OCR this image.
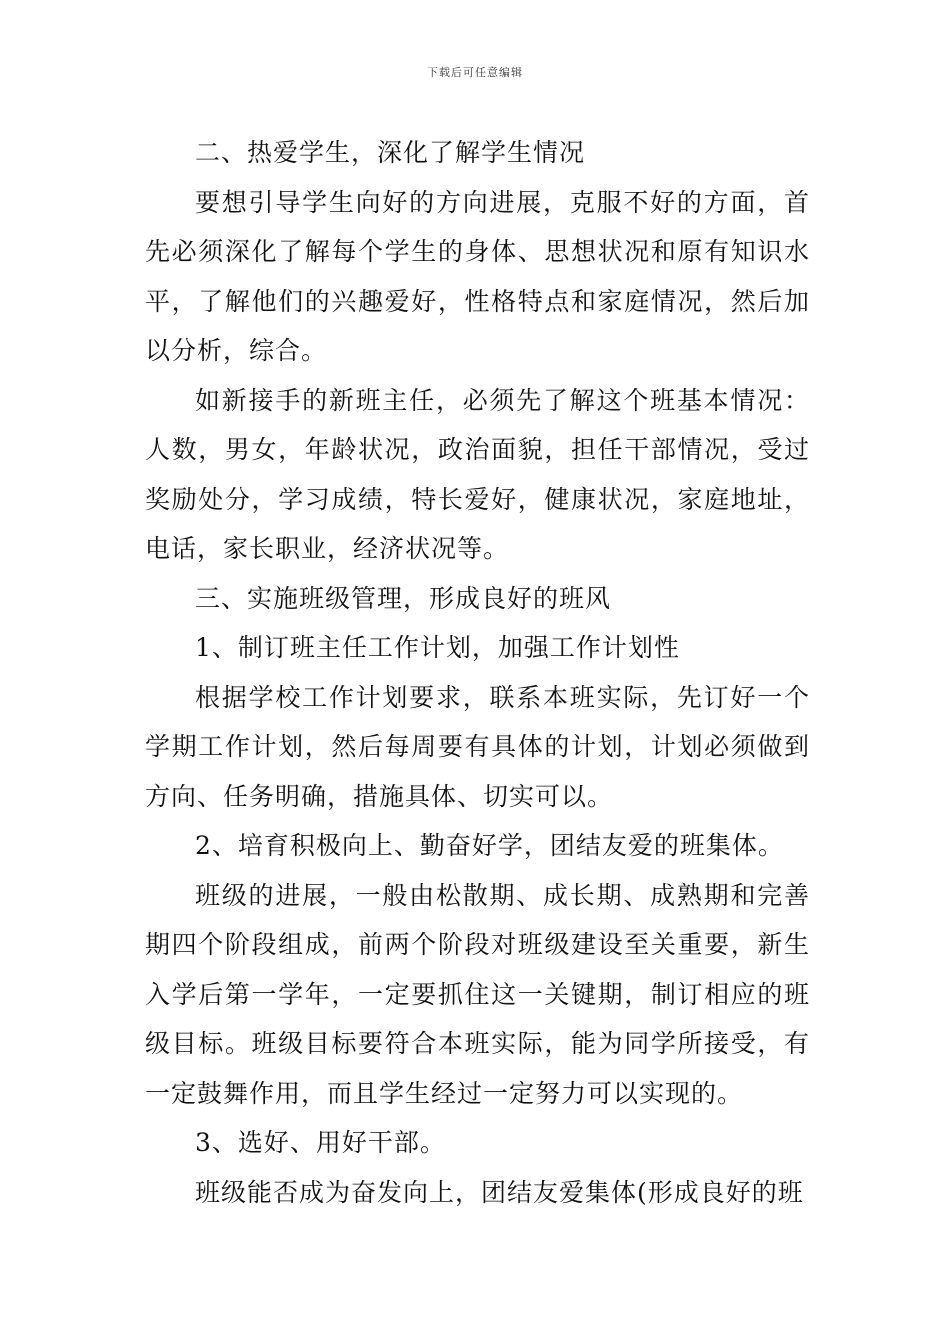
下载后可任意编辑

二、热爱学生，深化了解学生情况

要想引导学生向好的方向进展，克服不好的方面，首先必须深化了解每个学生的身体、思想状况和原有知识水平，了解他们的兴趣爱好，性格特点和家庭情况，然后加以分析，综合。

如新接手的新班主任，必须先了解这个班基本情况：人数，男女，年龄状况，政治面貌，担任干部情况，受过奖励处分，学习成绩，特长爱好，健康状况，家庭地址，电话，家长职业，经济状况等。

三、实施班级管理，形成良好的班风

1、制订班主任工作计划，加强工作计划性

根据学校工作计划要求，联系本班实际，先订好一个学期工作计划，然后每周要有具体的计划，计划必须做到方向、任务明确，措施具体、切实可以。

2、培育积极向上、勤奋好学，团结友爱的班集体。

班级的进展，一般由松散期、成长期、成熟期和完善期四个阶段组成，前两个阶段对班级建设至关重要，新生入学后第一学年，一定要抓住这一关键期，制订相应的班级目标。班级目标要符合本班实际，能为同学所接受，有一定鼓舞作用，而且学生经过一定努力可以实现的。

3、选好、用好干部。

班级能否成为奋发向上，团结友爱集体(形成良好的班
